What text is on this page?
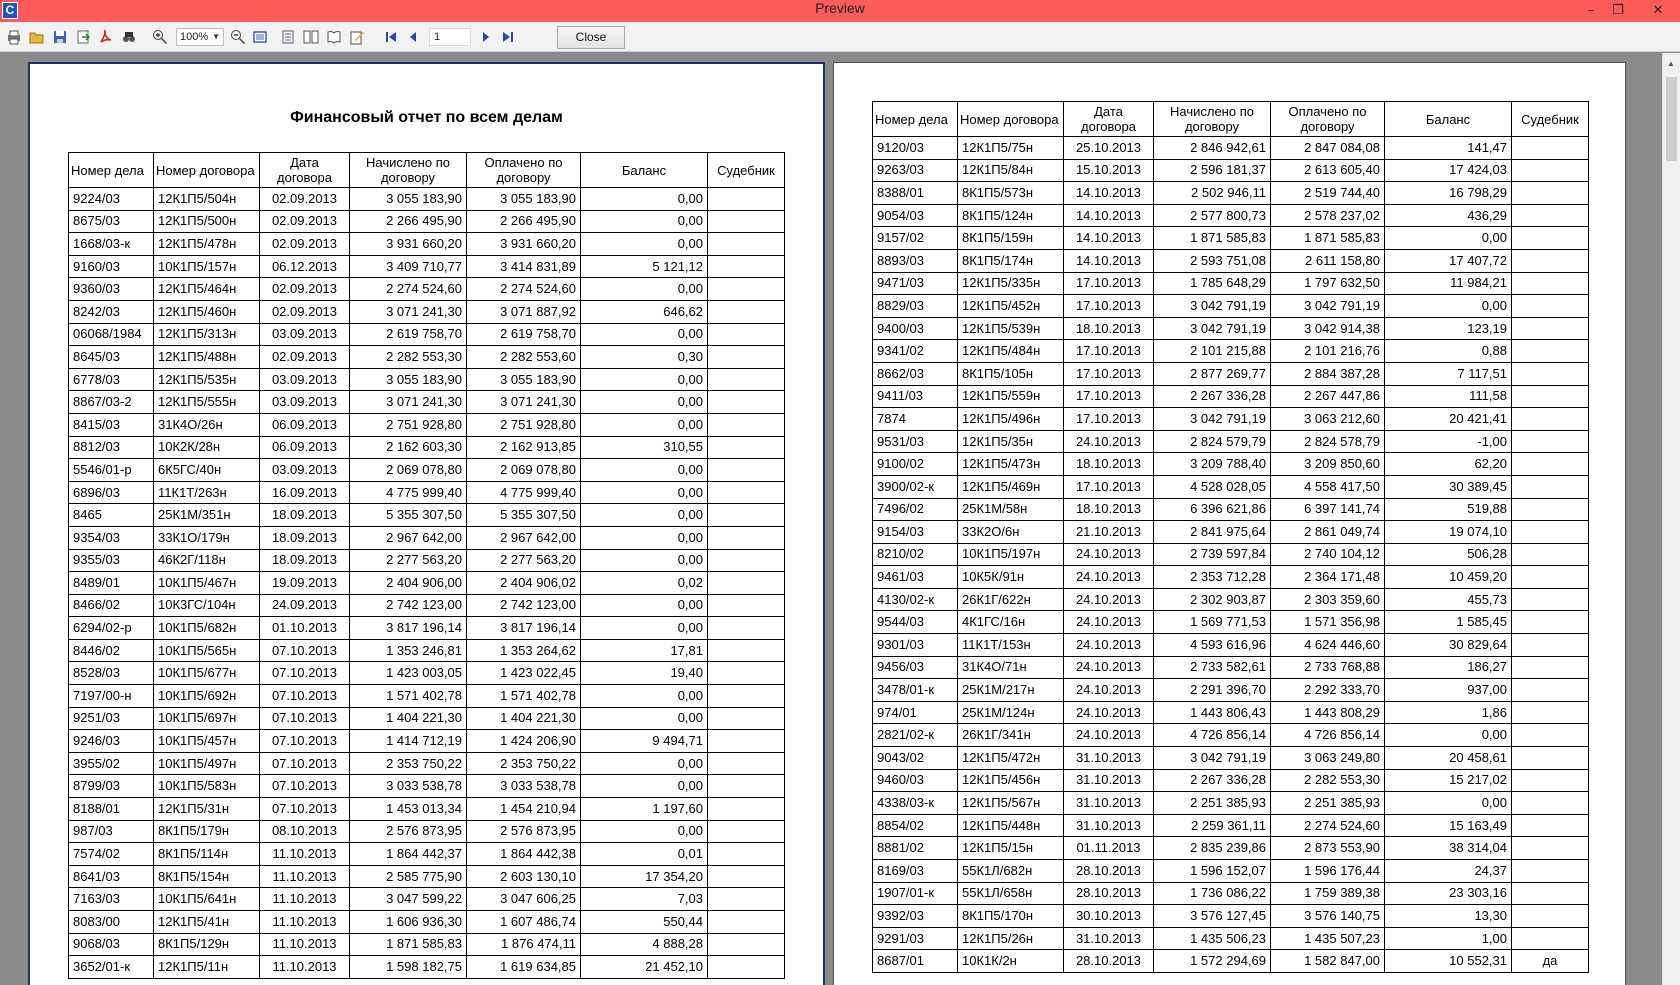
C	Preview	–	❐	✕
100% ▼	1	Close
Финансовый отчет по всем делам
Номер дела	Номер договора	Дата договора	Начислено по договору	Оплачено по договору	Баланс	Судебник
9224/03	12К1П5/504н	02.09.2013	3 055 183,90	3 055 183,90	0,00	
8675/03	12К1П5/500н	02.09.2013	2 266 495,90	2 266 495,90	0,00	
1668/03-к	12К1П5/478н	02.09.2013	3 931 660,20	3 931 660,20	0,00	
9160/03	10К1П5/157н	06.12.2013	3 409 710,77	3 414 831,89	5 121,12	
9360/03	12К1П5/464н	02.09.2013	2 274 524,60	2 274 524,60	0,00	
8242/03	12К1П5/460н	02.09.2013	3 071 241,30	3 071 887,92	646,62	
06068/1984	12К1П5/313н	03.09.2013	2 619 758,70	2 619 758,70	0,00	
8645/03	12К1П5/488н	02.09.2013	2 282 553,30	2 282 553,60	0,30	
6778/03	12К1П5/535н	03.09.2013	3 055 183,90	3 055 183,90	0,00	
8867/03-2	12К1П5/555н	03.09.2013	3 071 241,30	3 071 241,30	0,00	
8415/03	31К4О/26н	06.09.2013	2 751 928,80	2 751 928,80	0,00	
8812/03	10К2К/28н	06.09.2013	2 162 603,30	2 162 913,85	310,55	
5546/01-р	6К5ГС/40н	03.09.2013	2 069 078,80	2 069 078,80	0,00	
6896/03	11К1Т/263н	16.09.2013	4 775 999,40	4 775 999,40	0,00	
8465	25К1М/351н	18.09.2013	5 355 307,50	5 355 307,50	0,00	
9354/03	33К1О/179н	18.09.2013	2 967 642,00	2 967 642,00	0,00	
9355/03	46К2Г/118н	18.09.2013	2 277 563,20	2 277 563,20	0,00	
8489/01	10К1П5/467н	19.09.2013	2 404 906,00	2 404 906,02	0,02	
8466/02	10К3ГС/104н	24.09.2013	2 742 123,00	2 742 123,00	0,00	
6294/02-р	10К1П5/682н	01.10.2013	3 817 196,14	3 817 196,14	0,00	
8446/02	10К1П5/565н	07.10.2013	1 353 246,81	1 353 264,62	17,81	
8528/03	10К1П5/677н	07.10.2013	1 423 003,05	1 423 022,45	19,40	
7197/00-н	10К1П5/692н	07.10.2013	1 571 402,78	1 571 402,78	0,00	
9251/03	10К1П5/697н	07.10.2013	1 404 221,30	1 404 221,30	0,00	
9246/03	10К1П5/457н	07.10.2013	1 414 712,19	1 424 206,90	9 494,71	
3955/02	10К1П5/497н	07.10.2013	2 353 750,22	2 353 750,22	0,00	
8799/03	10К1П5/583н	07.10.2013	3 033 538,78	3 033 538,78	0,00	
8188/01	12К1П5/31н	07.10.2013	1 453 013,34	1 454 210,94	1 197,60	
987/03	8К1П5/179н	08.10.2013	2 576 873,95	2 576 873,95	0,00	
7574/02	8К1П5/114н	11.10.2013	1 864 442,37	1 864 442,38	0,01	
8641/03	8К1П5/154н	11.10.2013	2 585 775,90	2 603 130,10	17 354,20	
7163/03	10К1П5/641н	11.10.2013	3 047 599,22	3 047 606,25	7,03	
8083/00	12К1П5/41н	11.10.2013	1 606 936,30	1 607 486,74	550,44	
9068/03	8К1П5/129н	11.10.2013	1 871 585,83	1 876 474,11	4 888,28	
3652/01-к	12К1П5/11н	11.10.2013	1 598 182,75	1 619 634,85	21 452,10	
Номер дела	Номер договора	Дата договора	Начислено по договору	Оплачено по договору	Баланс	Судебник
9120/03	12К1П5/75н	25.10.2013	2 846 942,61	2 847 084,08	141,47	
9263/03	12К1П5/84н	15.10.2013	2 596 181,37	2 613 605,40	17 424,03	
8388/01	8К1П5/573н	14.10.2013	2 502 946,11	2 519 744,40	16 798,29	
9054/03	8К1П5/124н	14.10.2013	2 577 800,73	2 578 237,02	436,29	
9157/02	8К1П5/159н	14.10.2013	1 871 585,83	1 871 585,83	0,00	
8893/03	8К1П5/174н	14.10.2013	2 593 751,08	2 611 158,80	17 407,72	
9471/03	12К1П5/335н	17.10.2013	1 785 648,29	1 797 632,50	11 984,21	
8829/03	12К1П5/452н	17.10.2013	3 042 791,19	3 042 791,19	0,00	
9400/03	12К1П5/539н	18.10.2013	3 042 791,19	3 042 914,38	123,19	
9341/02	12К1П5/484н	17.10.2013	2 101 215,88	2 101 216,76	0,88	
8662/03	8К1П5/105н	17.10.2013	2 877 269,77	2 884 387,28	7 117,51	
9411/03	12К1П5/559н	17.10.2013	2 267 336,28	2 267 447,86	111,58	
7874	12К1П5/496н	17.10.2013	3 042 791,19	3 063 212,60	20 421,41	
9531/03	12К1П5/35н	24.10.2013	2 824 579,79	2 824 578,79	-1,00	
9100/02	12К1П5/473н	18.10.2013	3 209 788,40	3 209 850,60	62,20	
3900/02-к	12К1П5/469н	17.10.2013	4 528 028,05	4 558 417,50	30 389,45	
7496/02	25К1М/58н	18.10.2013	6 396 621,86	6 397 141,74	519,88	
9154/03	33К2О/6н	21.10.2013	2 841 975,64	2 861 049,74	19 074,10	
8210/02	10К1П5/197н	24.10.2013	2 739 597,84	2 740 104,12	506,28	
9461/03	10К5К/91н	24.10.2013	2 353 712,28	2 364 171,48	10 459,20	
4130/02-к	26К1Г/622н	24.10.2013	2 302 903,87	2 303 359,60	455,73	
9544/03	4К1ГС/16н	24.10.2013	1 569 771,53	1 571 356,98	1 585,45	
9301/03	11К1Т/153н	24.10.2013	4 593 616,96	4 624 446,60	30 829,64	
9456/03	31К4О/71н	24.10.2013	2 733 582,61	2 733 768,88	186,27	
3478/01-к	25К1М/217н	24.10.2013	2 291 396,70	2 292 333,70	937,00	
974/01	25К1М/124н	24.10.2013	1 443 806,43	1 443 808,29	1,86	
2821/02-к	26К1Г/341н	24.10.2013	4 726 856,14	4 726 856,14	0,00	
9043/02	12К1П5/472н	31.10.2013	3 042 791,19	3 063 249,80	20 458,61	
9460/03	12К1П5/456н	31.10.2013	2 267 336,28	2 282 553,30	15 217,02	
4338/03-к	12К1П5/567н	31.10.2013	2 251 385,93	2 251 385,93	0,00	
8854/02	12К1П5/448н	31.10.2013	2 259 361,11	2 274 524,60	15 163,49	
8881/02	12К1П5/15н	01.11.2013	2 835 239,86	2 873 553,90	38 314,04	
8169/03	55К1Л/682н	28.10.2013	1 596 152,07	1 596 176,44	24,37	
1907/01-к	55К1Л/658н	28.10.2013	1 736 086,22	1 759 389,38	23 303,16	
9392/03	8К1П5/170н	30.10.2013	3 576 127,45	3 576 140,75	13,30	
9291/03	12К1П5/26н	31.10.2013	1 435 506,23	1 435 507,23	1,00	
8687/01	10К1К/2н	28.10.2013	1 572 294,69	1 582 847,00	10 552,31	да
▲
